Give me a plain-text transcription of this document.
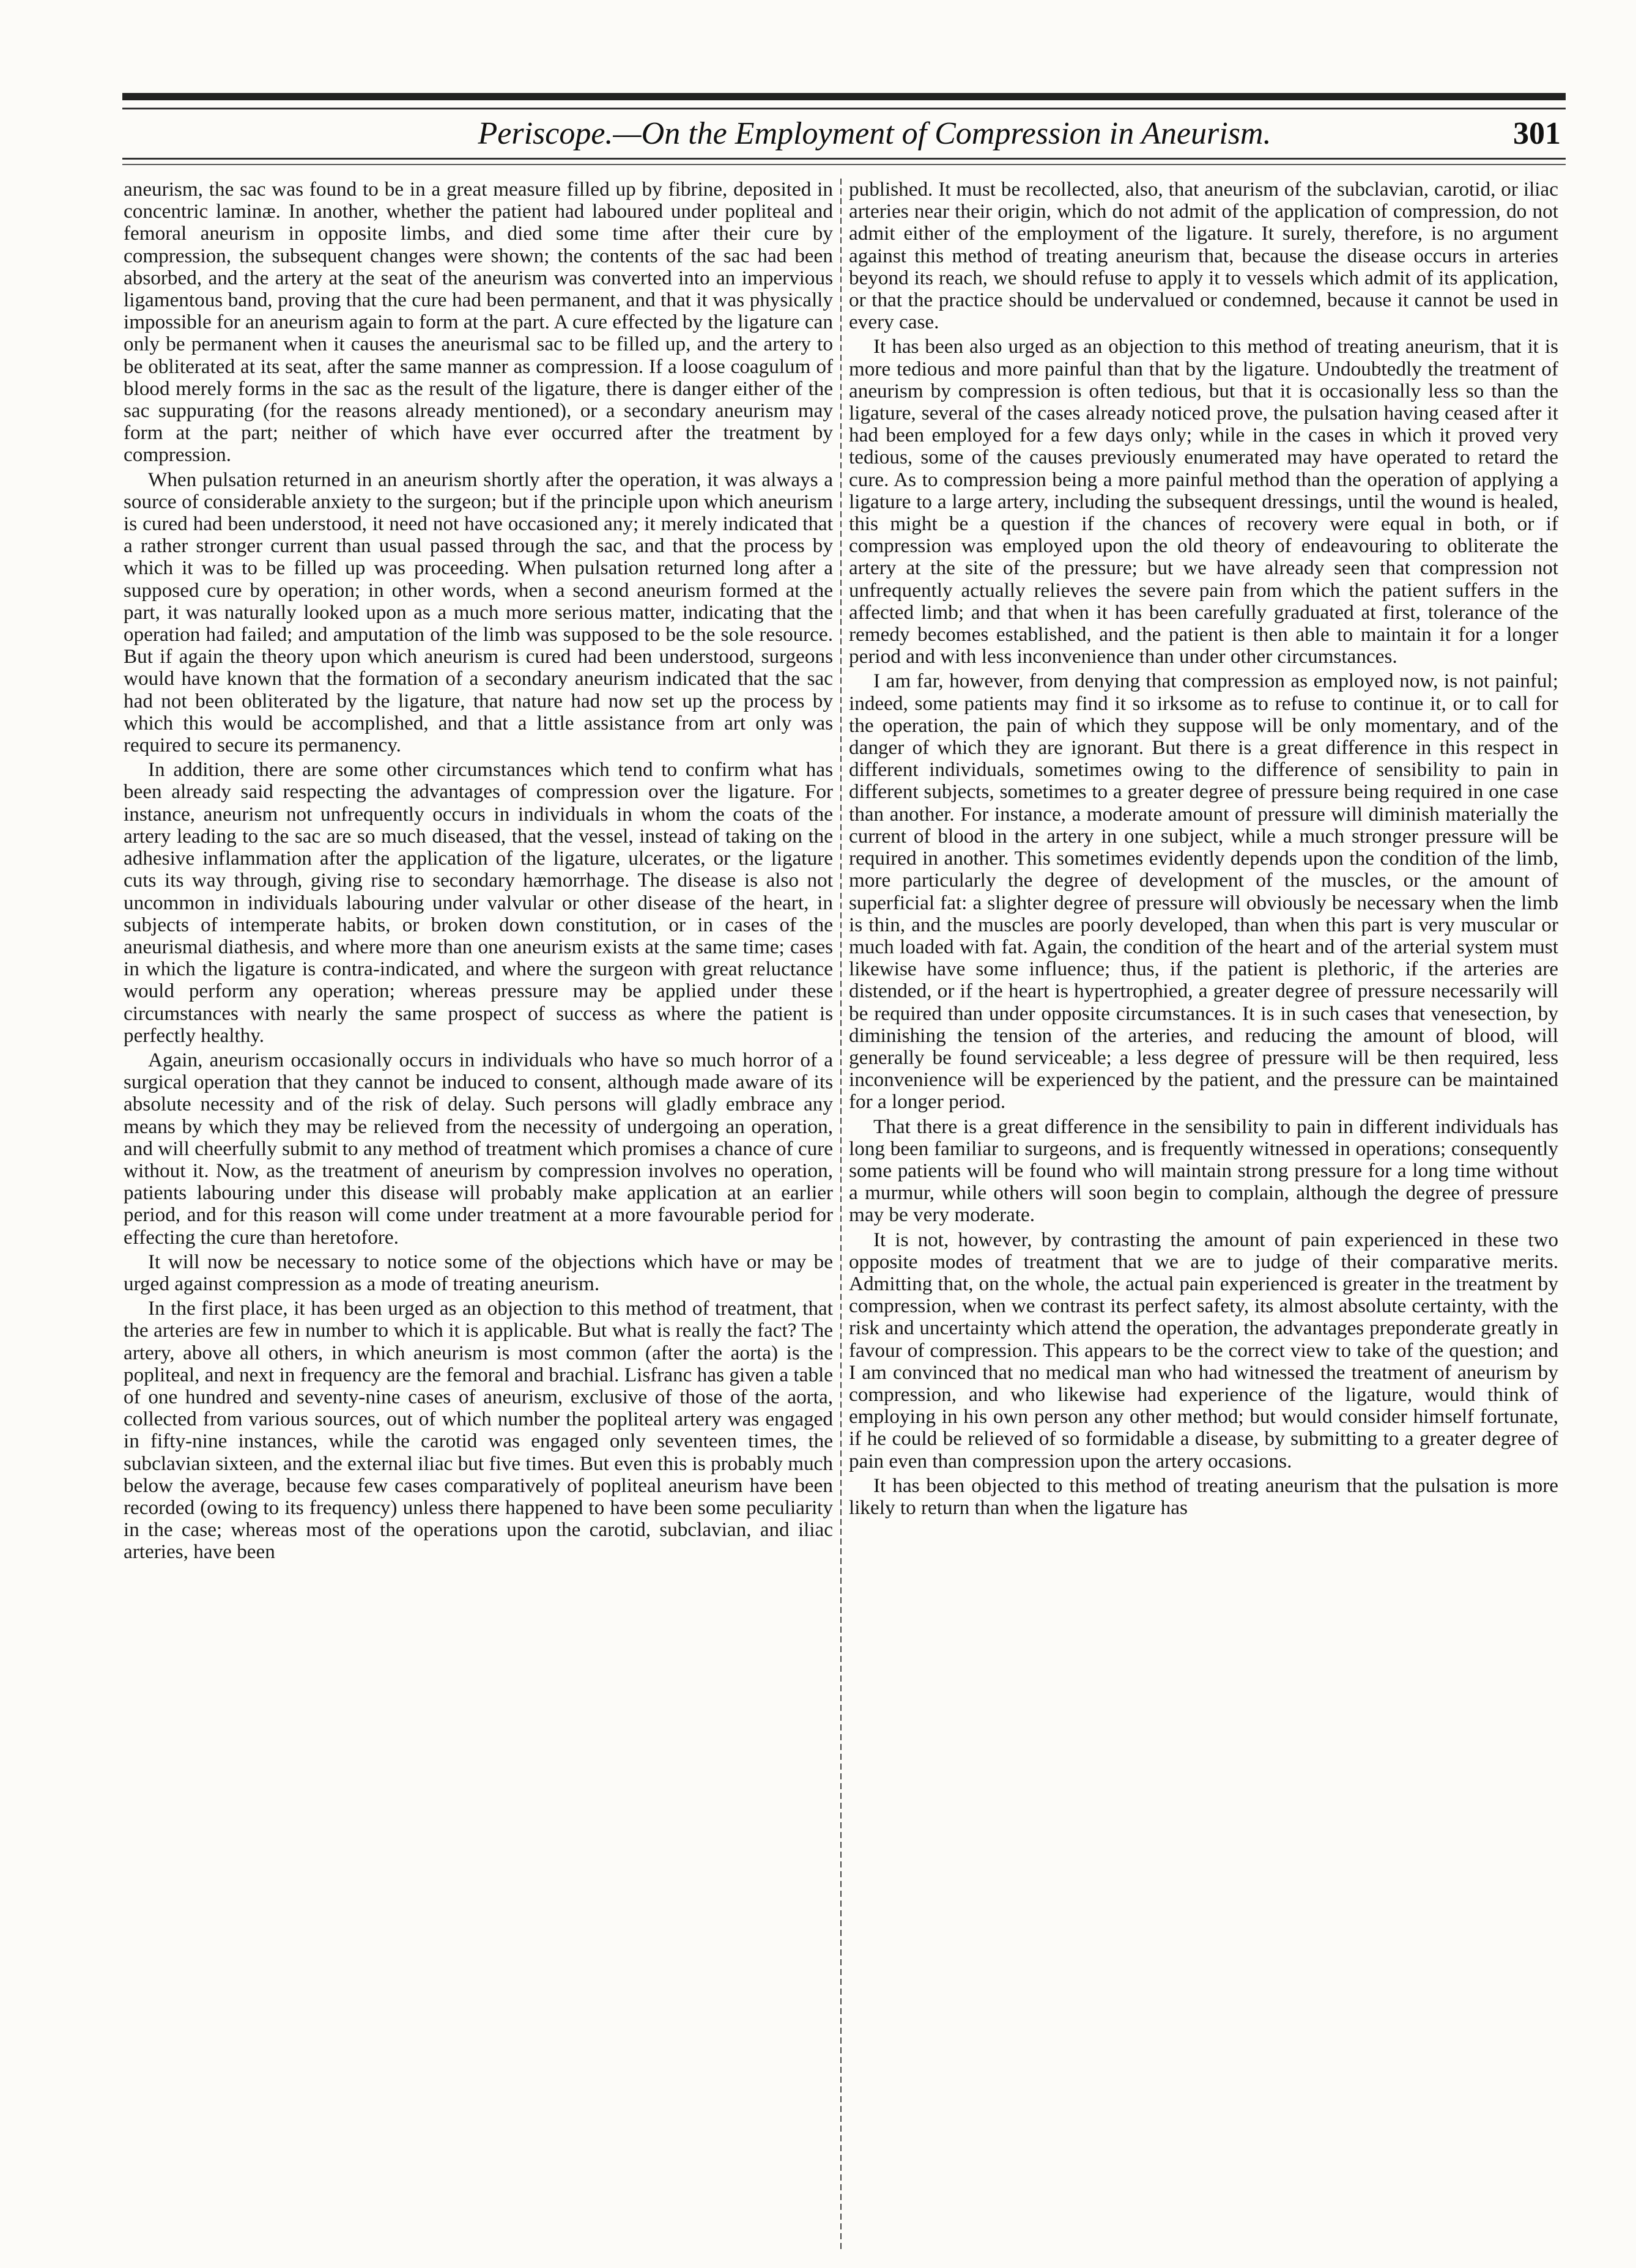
Periscope.—On the Employment of Compression in Aneurism.	301

aneurism, the sac was found to be in a great measure filled up by fibrine, deposited in concentric laminæ. In another, whether the patient had laboured under popliteal and femoral aneurism in opposite limbs, and died some time after their cure by compression, the subsequent changes were shown; the contents of the sac had been absorbed, and the artery at the seat of the aneurism was converted into an impervious ligamentous band, proving that the cure had been permanent, and that it was physically impossible for an aneurism again to form at the part. A cure effected by the ligature can only be permanent when it causes the aneurismal sac to be filled up, and the artery to be obliterated at its seat, after the same manner as compression. If a loose coagulum of blood merely forms in the sac as the result of the ligature, there is danger either of the sac suppurating (for the reasons already mentioned), or a secondary aneurism may form at the part; neither of which have ever occurred after the treatment by compression.

When pulsation returned in an aneurism shortly after the operation, it was always a source of considerable anxiety to the surgeon; but if the principle upon which aneurism is cured had been understood, it need not have occasioned any; it merely indicated that a rather stronger current than usual passed through the sac, and that the process by which it was to be filled up was proceeding. When pulsation returned long after a supposed cure by operation; in other words, when a second aneurism formed at the part, it was naturally looked upon as a much more serious matter, indicating that the operation had failed; and amputation of the limb was supposed to be the sole resource. But if again the theory upon which aneurism is cured had been understood, surgeons would have known that the formation of a secondary aneurism indicated that the sac had not been obliterated by the ligature, that nature had now set up the process by which this would be accomplished, and that a little assistance from art only was required to secure its permanency.

In addition, there are some other circumstances which tend to confirm what has been already said respecting the advantages of compression over the ligature. For instance, aneurism not unfrequently occurs in individuals in whom the coats of the artery leading to the sac are so much diseased, that the vessel, instead of taking on the adhesive inflammation after the application of the ligature, ulcerates, or the ligature cuts its way through, giving rise to secondary hæmorrhage. The disease is also not uncommon in individuals labouring under valvular or other disease of the heart, in subjects of intemperate habits, or broken down constitution, or in cases of the aneurismal diathesis, and where more than one aneurism exists at the same time; cases in which the ligature is contra-indicated, and where the surgeon with great reluctance would perform any operation; whereas pressure may be applied under these circumstances with nearly the same prospect of success as where the patient is perfectly healthy.

Again, aneurism occasionally occurs in individuals who have so much horror of a surgical operation that they cannot be induced to consent, although made aware of its absolute necessity and of the risk of delay. Such persons will gladly embrace any means by which they may be relieved from the necessity of undergoing an operation, and will cheerfully submit to any method of treatment which promises a chance of cure without it. Now, as the treatment of aneurism by compression involves no operation, patients labouring under this disease will probably make application at an earlier period, and for this reason will come under treatment at a more favourable period for effecting the cure than heretofore.

It will now be necessary to notice some of the objections which have or may be urged against compression as a mode of treating aneurism.

In the first place, it has been urged as an objection to this method of treatment, that the arteries are few in number to which it is applicable. But what is really the fact? The artery, above all others, in which aneurism is most common (after the aorta) is the popliteal, and next in frequency are the femoral and brachial. Lisfranc has given a table of one hundred and seventy-nine cases of aneurism, exclusive of those of the aorta, collected from various sources, out of which number the popliteal artery was engaged in fifty-nine instances, while the carotid was engaged only seventeen times, the subclavian sixteen, and the external iliac but five times. But even this is probably much below the average, because few cases comparatively of popliteal aneurism have been recorded (owing to its frequency) unless there happened to have been some peculiarity in the case; whereas most of the operations upon the carotid, subclavian, and iliac arteries, have been

published. It must be recollected, also, that aneurism of the subclavian, carotid, or iliac arteries near their origin, which do not admit of the application of compression, do not admit either of the employment of the ligature. It surely, therefore, is no argument against this method of treating aneurism that, because the disease occurs in arteries beyond its reach, we should refuse to apply it to vessels which admit of its application, or that the practice should be undervalued or condemned, because it cannot be used in every case.

It has been also urged as an objection to this method of treating aneurism, that it is more tedious and more painful than that by the ligature. Undoubtedly the treatment of aneurism by compression is often tedious, but that it is occasionally less so than the ligature, several of the cases already noticed prove, the pulsation having ceased after it had been employed for a few days only; while in the cases in which it proved very tedious, some of the causes previously enumerated may have operated to retard the cure. As to compression being a more painful method than the operation of applying a ligature to a large artery, including the subsequent dressings, until the wound is healed, this might be a question if the chances of recovery were equal in both, or if compression was employed upon the old theory of endeavouring to obliterate the artery at the site of the pressure; but we have already seen that compression not unfrequently actually relieves the severe pain from which the patient suffers in the affected limb; and that when it has been carefully graduated at first, tolerance of the remedy becomes established, and the patient is then able to maintain it for a longer period and with less inconvenience than under other circumstances.

I am far, however, from denying that compression as employed now, is not painful; indeed, some patients may find it so irksome as to refuse to continue it, or to call for the operation, the pain of which they suppose will be only momentary, and of the danger of which they are ignorant. But there is a great difference in this respect in different individuals, sometimes owing to the difference of sensibility to pain in different subjects, sometimes to a greater degree of pressure being required in one case than another. For instance, a moderate amount of pressure will diminish materially the current of blood in the artery in one subject, while a much stronger pressure will be required in another. This sometimes evidently depends upon the condition of the limb, more particularly the degree of development of the muscles, or the amount of superficial fat: a slighter degree of pressure will obviously be necessary when the limb is thin, and the muscles are poorly developed, than when this part is very muscular or much loaded with fat. Again, the condition of the heart and of the arterial system must likewise have some influence; thus, if the patient is plethoric, if the arteries are distended, or if the heart is hypertrophied, a greater degree of pressure necessarily will be required than under opposite circumstances. It is in such cases that venesection, by diminishing the tension of the arteries, and reducing the amount of blood, will generally be found serviceable; a less degree of pressure will be then required, less inconvenience will be experienced by the patient, and the pressure can be maintained for a longer period.

That there is a great difference in the sensibility to pain in different individuals has long been familiar to surgeons, and is frequently witnessed in operations; consequently some patients will be found who will maintain strong pressure for a long time without a murmur, while others will soon begin to complain, although the degree of pressure may be very moderate.

It is not, however, by contrasting the amount of pain experienced in these two opposite modes of treatment that we are to judge of their comparative merits. Admitting that, on the whole, the actual pain experienced is greater in the treatment by compression, when we contrast its perfect safety, its almost absolute certainty, with the risk and uncertainty which attend the operation, the advantages preponderate greatly in favour of compression. This appears to be the correct view to take of the question; and I am convinced that no medical man who had witnessed the treatment of aneurism by compression, and who likewise had experience of the ligature, would think of employing in his own person any other method; but would consider himself fortunate, if he could be relieved of so formidable a disease, by submitting to a greater degree of pain even than compression upon the artery occasions.

It has been objected to this method of treating aneurism that the pulsation is more likely to return than when the ligature has
